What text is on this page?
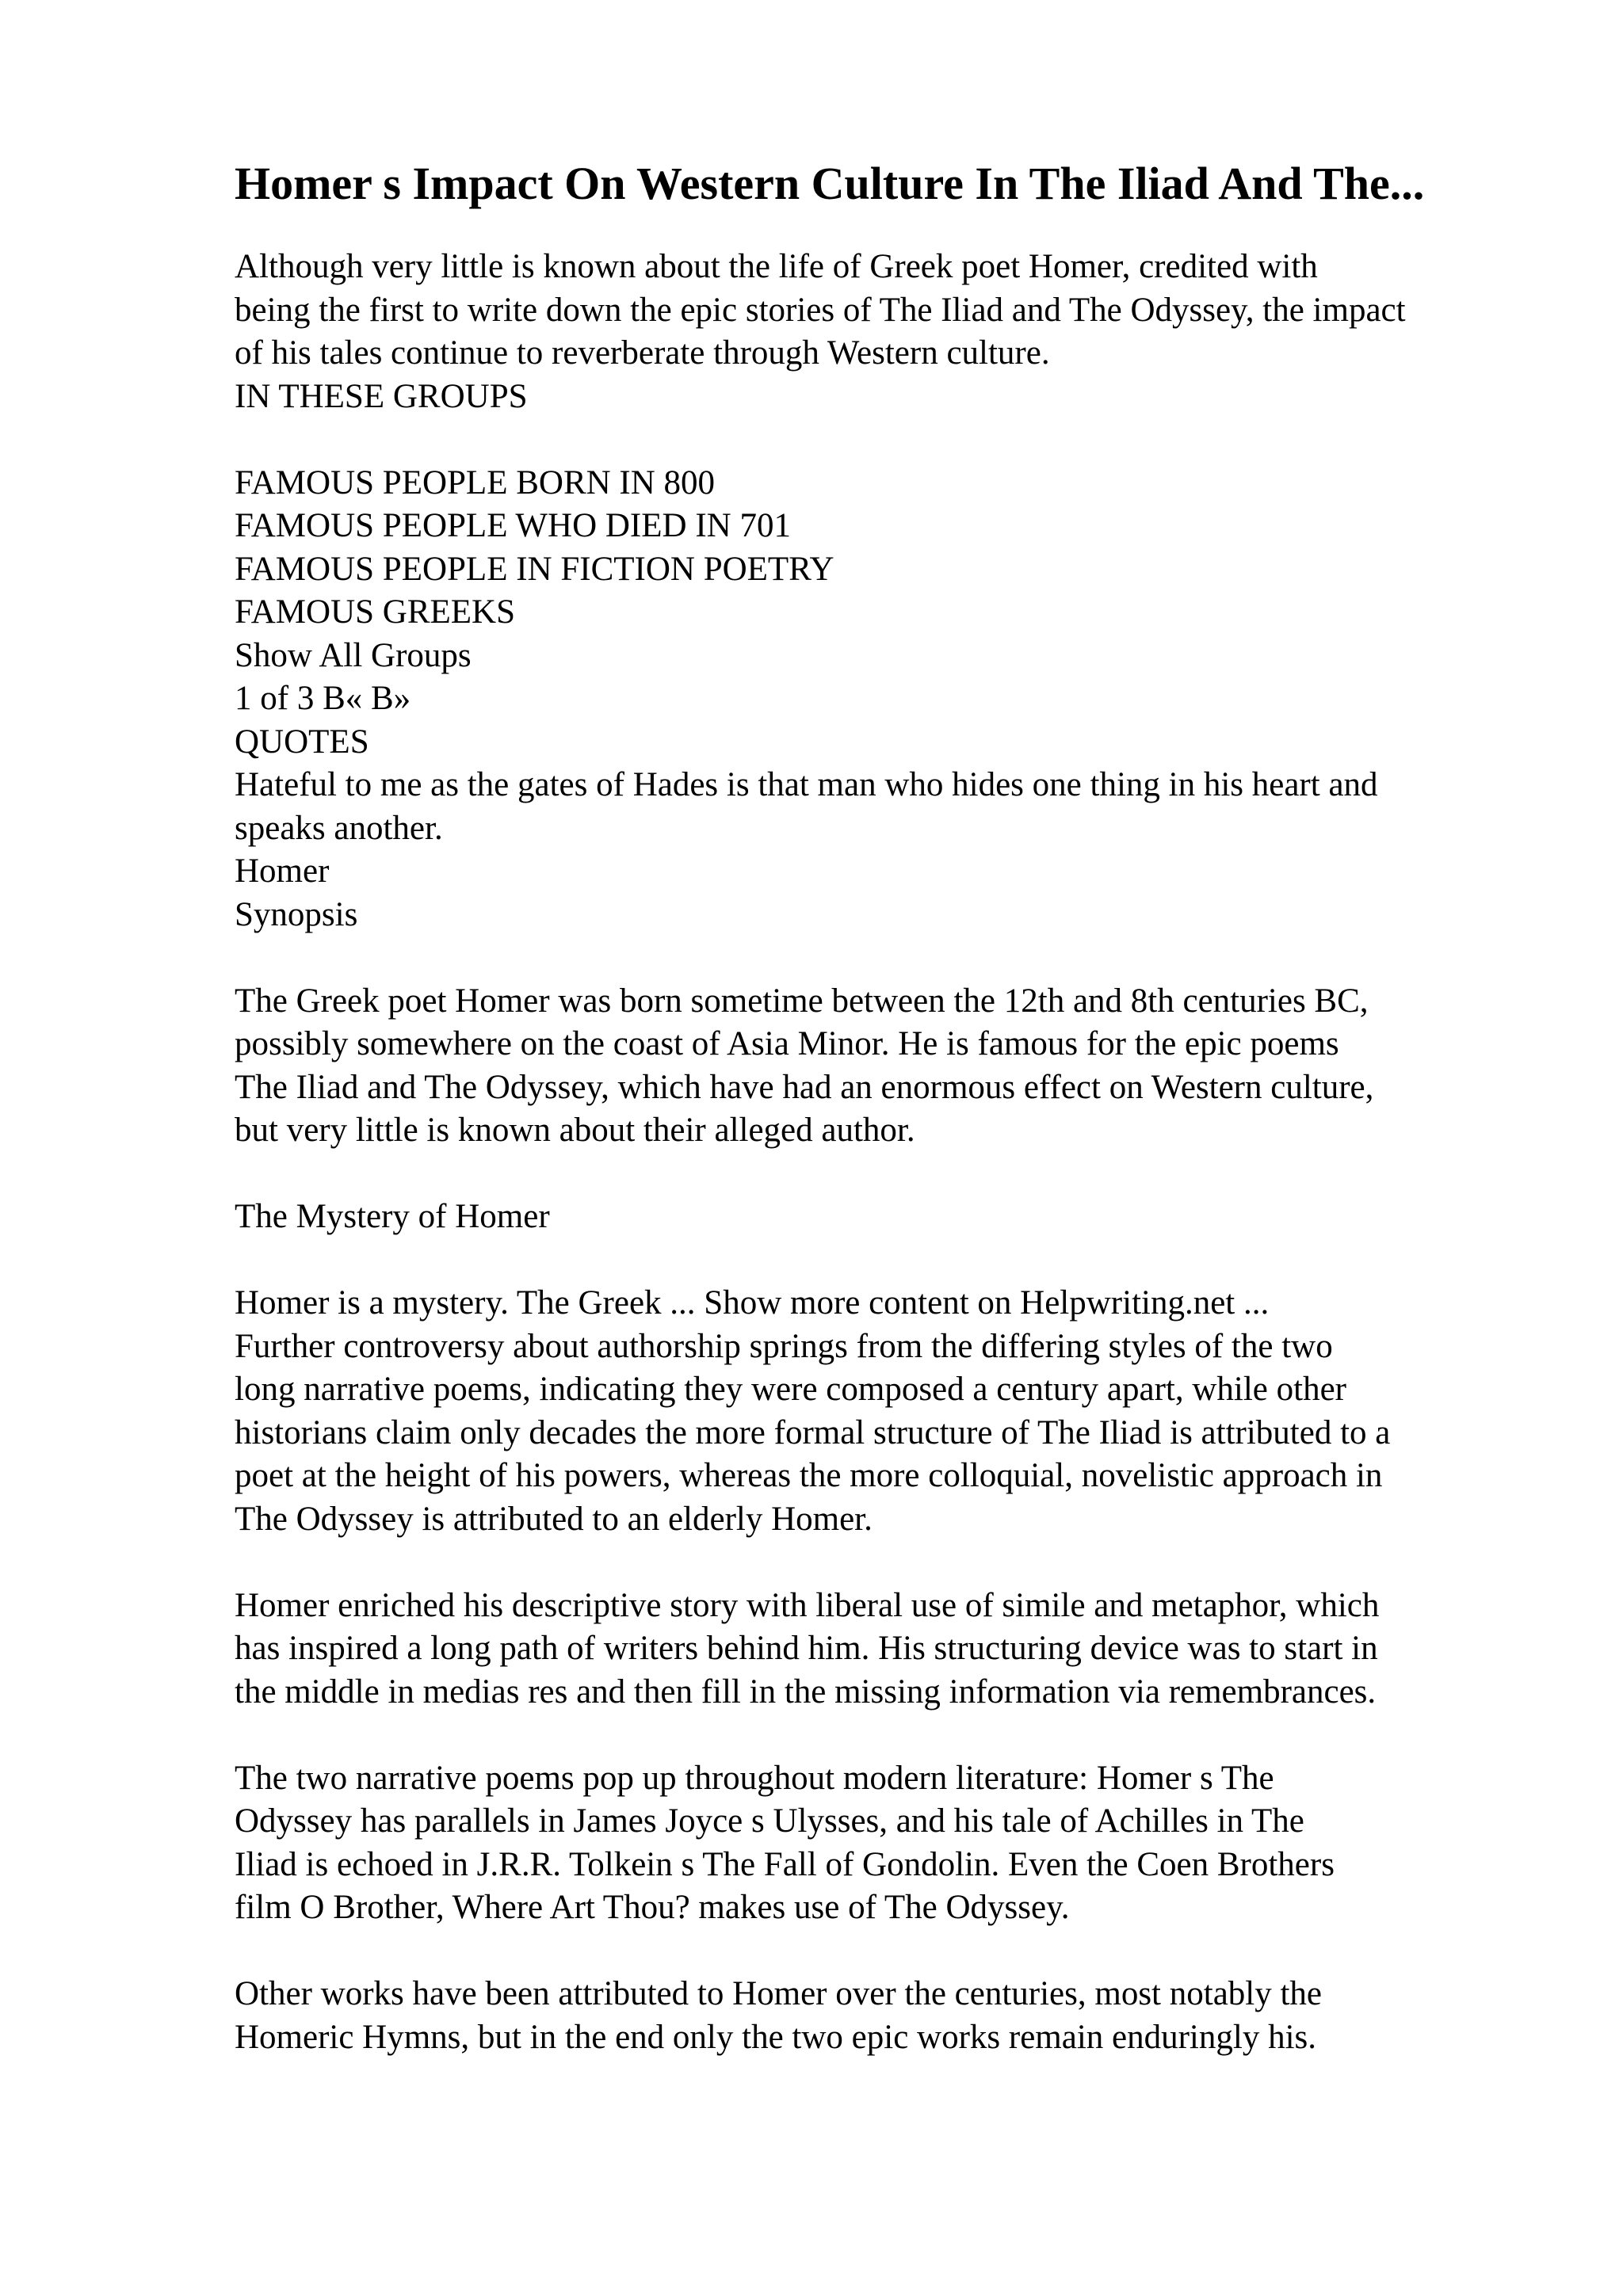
Homer s Impact On Western Culture In The Iliad And The...
Although very little is known about the life of Greek poet Homer, credited with
being the first to write down the epic stories of The Iliad and The Odyssey, the impact
of his tales continue to reverberate through Western culture.
IN THESE GROUPS
FAMOUS PEOPLE BORN IN 800
FAMOUS PEOPLE WHO DIED IN 701
FAMOUS PEOPLE IN FICTION POETRY
FAMOUS GREEKS
Show All Groups
1 of 3 B« B»
QUOTES
Hateful to me as the gates of Hades is that man who hides one thing in his heart and
speaks another.
Homer
Synopsis
The Greek poet Homer was born sometime between the 12th and 8th centuries BC,
possibly somewhere on the coast of Asia Minor. He is famous for the epic poems
The Iliad and The Odyssey, which have had an enormous effect on Western culture,
but very little is known about their alleged author.
The Mystery of Homer
Homer is a mystery. The Greek ... Show more content on Helpwriting.net ...
Further controversy about authorship springs from the differing styles of the two
long narrative poems, indicating they were composed a century apart, while other
historians claim only decades the more formal structure of The Iliad is attributed to a
poet at the height of his powers, whereas the more colloquial, novelistic approach in
The Odyssey is attributed to an elderly Homer.
Homer enriched his descriptive story with liberal use of simile and metaphor, which
has inspired a long path of writers behind him. His structuring device was to start in
the middle in medias res and then fill in the missing information via remembrances.
The two narrative poems pop up throughout modern literature: Homer s The
Odyssey has parallels in James Joyce s Ulysses, and his tale of Achilles in The
Iliad is echoed in J.R.R. Tolkein s The Fall of Gondolin. Even the Coen Brothers
film O Brother, Where Art Thou? makes use of The Odyssey.
Other works have been attributed to Homer over the centuries, most notably the
Homeric Hymns, but in the end only the two epic works remain enduringly his.
